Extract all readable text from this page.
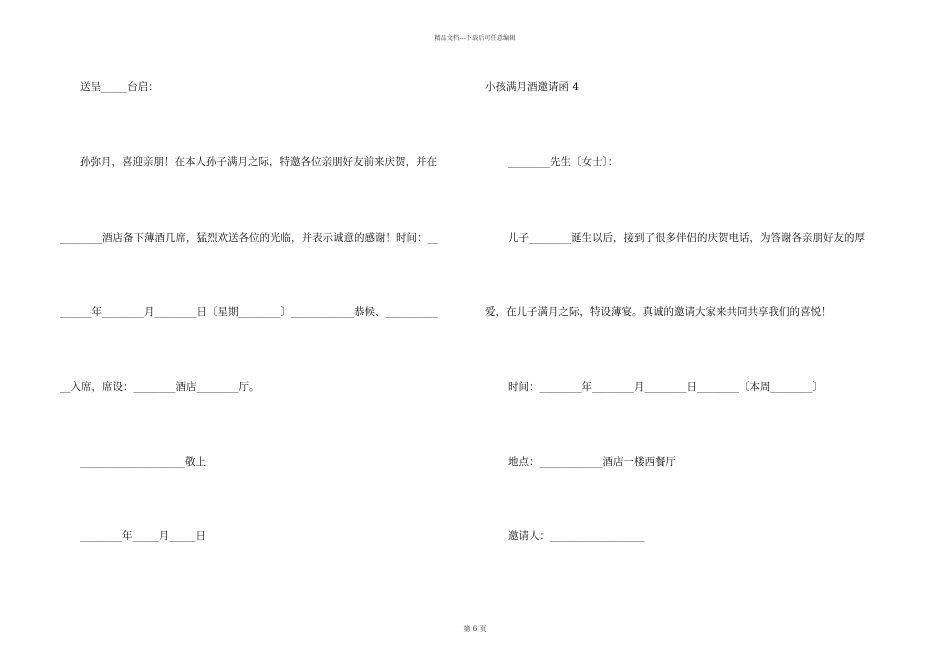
精品文档---下载后可任意编辑
送呈_____台启：
孙弥月，喜迎亲朋！在本人孙子满月之际，特邀各位亲朋好友前来庆贺，并在
________酒店备下薄酒几席，猛烈欢送各位的光临，并表示诚意的感谢！时间：__
______年________月________日〔星期________〕____________恭候、__________
__入席，席设：________酒店________厅。
____________________敬上
________年_____月_____日
小孩满月酒邀请函 4
________先生〔女士〕：
儿子________诞生以后，接到了很多伴侣的庆贺电话，为答谢各亲朋好友的厚
爱，在儿子满月之际，特设薄宴。真诚的邀请大家来共同共享我们的喜悦！
时间：________年________月________日________〔本周________〕
地点：____________酒店一楼西餐厅
邀请人：__________________
第 6 页
